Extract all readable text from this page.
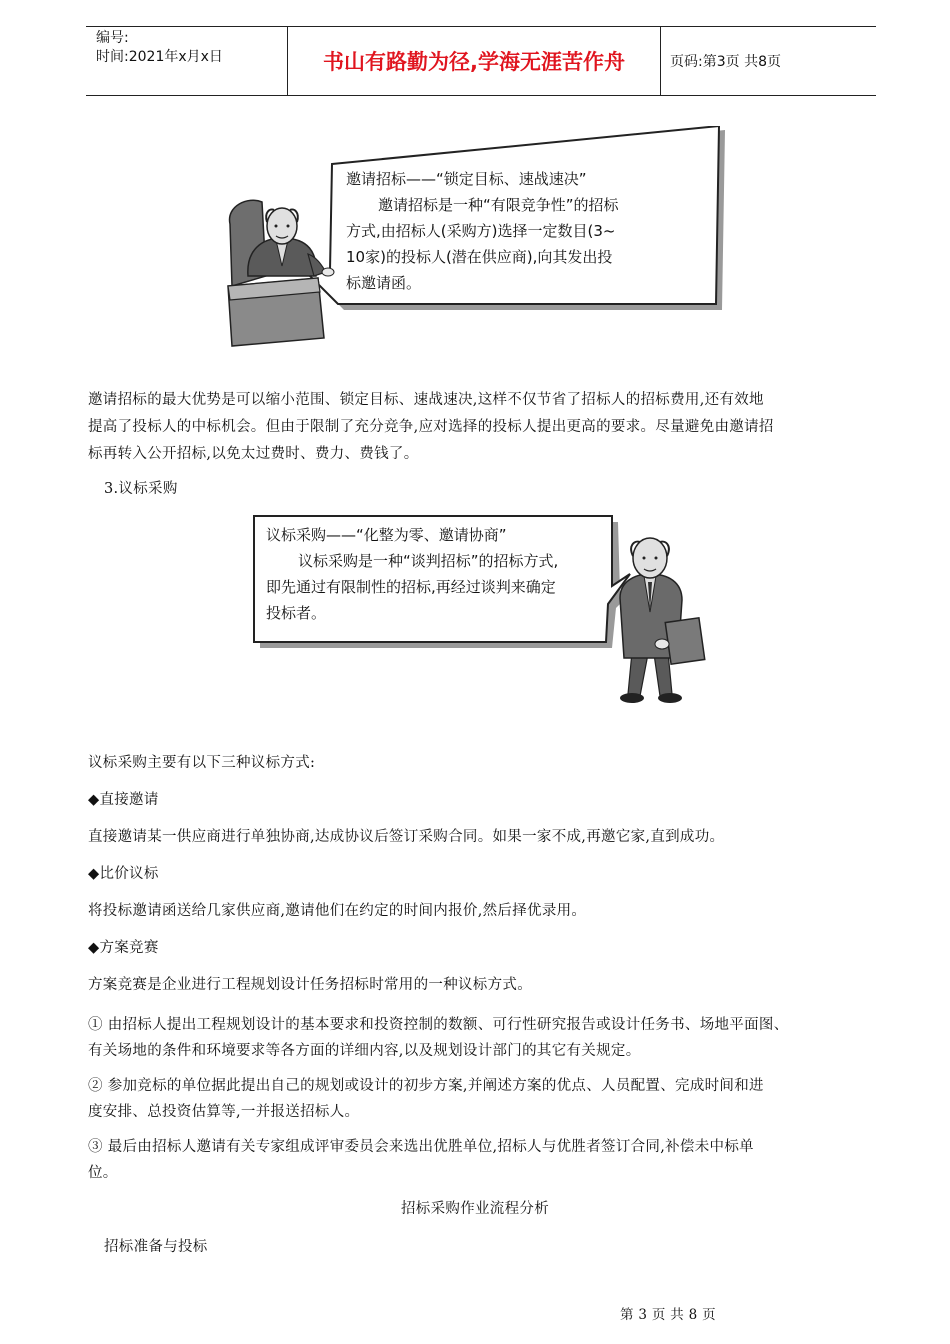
编号:
时间:2021年x月x日	书山有路勤为径,学海无涯苦作舟	页码:第3页 共8页
邀请招标——“锁定目标、速战速决”
邀请招标是一种“有限竞争性”的招标
方式,由招标人(采购方)选择一定数目(3~
10家)的投标人(潜在供应商),向其发出投
标邀请函。
邀请招标的最大优势是可以缩小范围、锁定目标、速战速决,这样不仅节省了招标人的招标费用,还有效地
提高了投标人的中标机会。但由于限制了充分竞争,应对选择的投标人提出更高的要求。尽量避免由邀请招
标再转入公开招标,以免太过费时、费力、费钱了。
3.议标采购
议标采购——“化整为零、邀请协商”
议标采购是一种“谈判招标”的招标方式,
即先通过有限制性的招标,再经过谈判来确定
投标者。
议标采购主要有以下三种议标方式:
◆直接邀请
直接邀请某一供应商进行单独协商,达成协议后签订采购合同。如果一家不成,再邀它家,直到成功。
◆比价议标
将投标邀请函送给几家供应商,邀请他们在约定的时间内报价,然后择优录用。
◆方案竞赛
方案竞赛是企业进行工程规划设计任务招标时常用的一种议标方式。
① 由招标人提出工程规划设计的基本要求和投资控制的数额、可行性研究报告或设计任务书、场地平面图、
有关场地的条件和环境要求等各方面的详细内容,以及规划设计部门的其它有关规定。
② 参加竞标的单位据此提出自己的规划或设计的初步方案,并阐述方案的优点、人员配置、完成时间和进
度安排、总投资估算等,一并报送招标人。
③ 最后由招标人邀请有关专家组成评审委员会来选出优胜单位,招标人与优胜者签订合同,补偿未中标单
位。
招标采购作业流程分析
招标准备与投标
第 3 页 共 8 页
